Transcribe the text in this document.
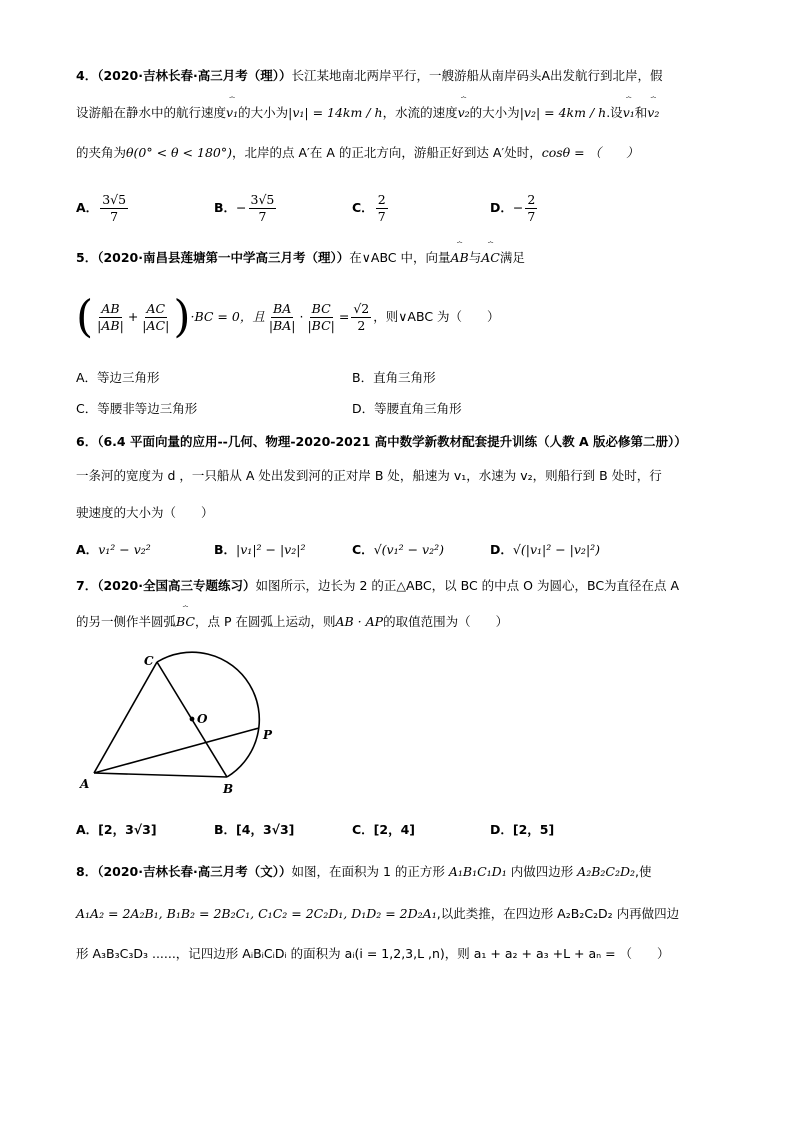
4．（2020·吉林长春·高三月考（理））长江某地南北两岸平行，一艘游船从南岸码头A出发航行到北岸，假
设游船在静水中的航行速度⏞ v₁的大小为|v₁| = 14km / h，水流的速度⏞ v₂的大小为|v₂| = 4km / h.设⏞ v₁和⏞ v₂
的夹角为θ(0° < θ < 180°)，北岸的点 A′在 A 的正北方向，游船正好到达 A′处时，cosθ = （　　）
A． $\frac{3√5}{7}$	B．− $\frac{3√5}{7}$	C． $\frac{2}{7}$	D．− $\frac{2}{7}$
5．（2020·南昌县莲塘第一中学高三月考（理））在∨ABC 中，向量⏞ AB与⏞ AC满足
( $\frac{AB}{|AB|} + \frac{AC}{|AC|} )\cdot BC = 0$，且 $\frac{BA}{|BA|} \cdot \frac{BC}{|BC|} = \frac{√2}{2}$ ，则∨ABC 为（　　）
A．等边三角形	B．直角三角形
C．等腰非等边三角形	D．等腰直角三角形
6．（6.4 平面向量的应用--几何、物理-2020-2021 高中数学新教材配套提升训练（人教 A 版必修第二册））
一条河的宽度为 d ，一只船从 A 处出发到河的正对岸 B 处，船速为 v₁，水速为 v₂，则船行到 B 处时，行
驶速度的大小为（　　）
A．v₁² − v₂²	B．|v₁|² − |v₂|²	C．√(v₁² − v₂²)	D．√(|v₁|² − |v₂|²)
7．（2020·全国高三专题练习）如图所示，边长为 2 的正△ABC，以 BC 的中点 O 为圆心，BC为直径在点 A
的另一侧作半圆弧⏞ BC，点 P 在圆弧上运动，则AB · AP的取值范围为（　　）
C
O
P
A	B
A．[2，3√3]	B．[4，3√3]	C．[2，4]	D．[2，5]
8．（2020·吉林长春·高三月考（文））如图，在面积为 1 的正方形 A₁B₁C₁D₁ 内做四边形 A₂B₂C₂D₂,使
A₁A₂ = 2A₂B₁, B₁B₂ = 2B₂C₁, C₁C₂ = 2C₂D₁, D₁D₂ = 2D₂A₁,以此类推，在四边形 A₂B₂C₂D₂ 内再做四边
形 A₃B₃C₃D₃ ......，记四边形 AᵢBᵢCᵢDᵢ 的面积为 aᵢ(i = 1,2,3,L ,n)，则 a₁ + a₂ + a₃ +L + aₙ = （　　）
